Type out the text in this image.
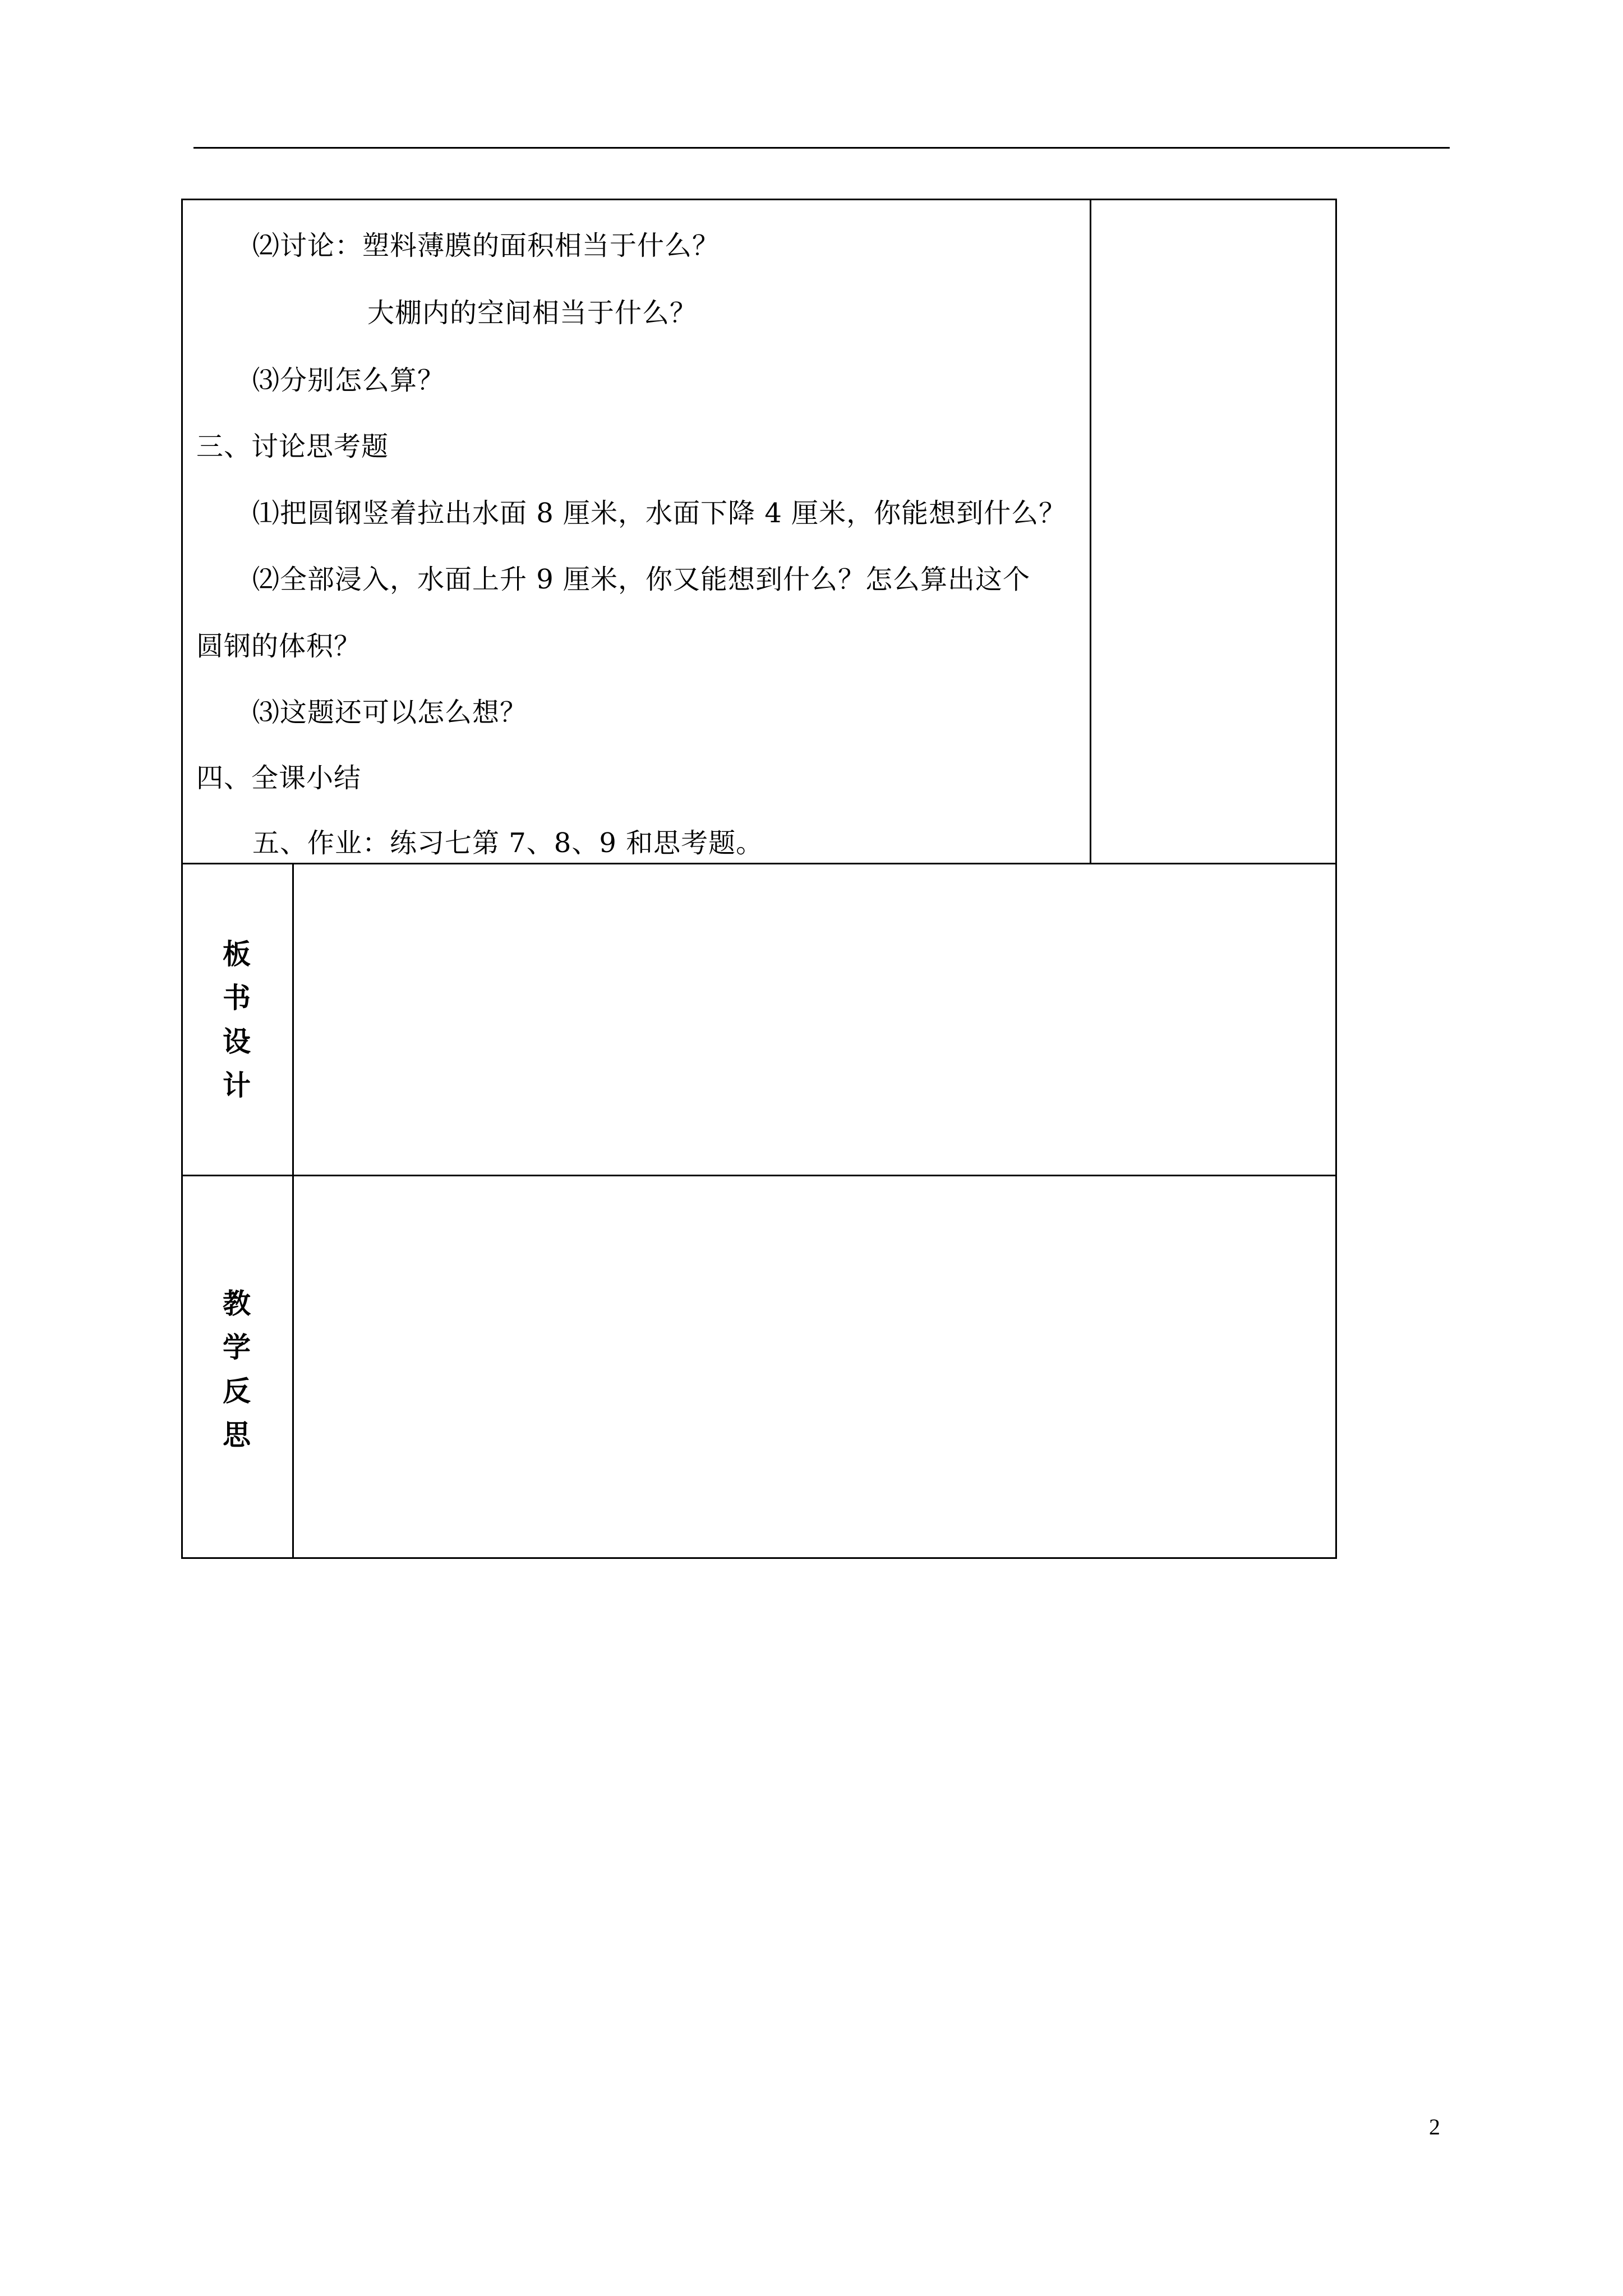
⑵讨论：塑料薄膜的面积相当于什么？
大棚内的空间相当于什么？
⑶分别怎么算？
三、讨论思考题
⑴把圆钢竖着拉出水面 8 厘米，水面下降 4 厘米，你能想到什么？
⑵全部浸入，水面上升 9 厘米，你又能想到什么？怎么算出这个
圆钢的体积？
⑶这题还可以怎么想？
四、全课小结
五、作业：练习七第 7、8、9 和思考题。
板
书
设
计
教
学
反
思
2
